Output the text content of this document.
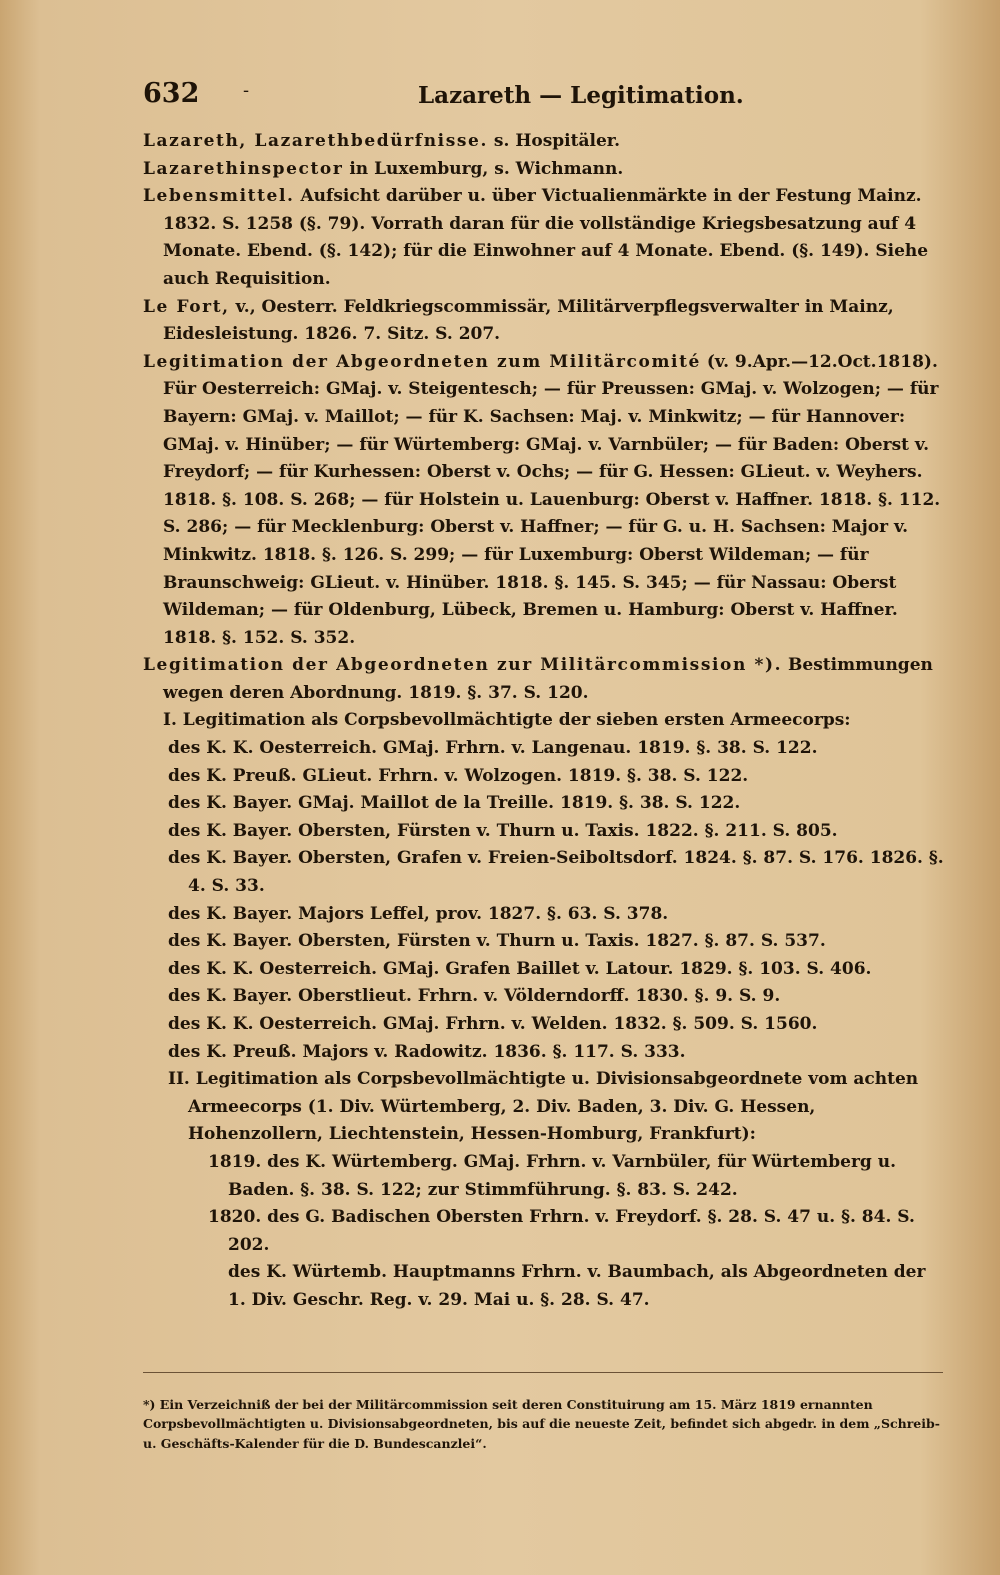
632 -	Lazareth — Legitimation.

Lazareth, Lazarethbedürfnisse. s. Hospitäler.

Lazarethinspector in Luxemburg, s. Wichmann.

Lebensmittel. Aufsicht darüber u. über Victualienmärkte in der Festung Mainz. 1832. S. 1258 (§. 79). Vorrath daran für die vollständige Kriegsbesatzung auf 4 Monate. Ebend. (§. 142); für die Einwohner auf 4 Monate. Ebend. (§. 149). Siehe auch Requisition.

Le Fort, v., Oesterr. Feldkriegscommissär, Militärverpflegsverwalter in Mainz, Eidesleistung. 1826. 7. Sitz. S. 207.

Legitimation der Abgeordneten zum Militärcomité (v. 9.Apr.—12.Oct.1818). Für Oesterreich: GMaj. v. Steigentesch; — für Preussen: GMaj. v. Wolzogen; — für Bayern: GMaj. v. Maillot; — für K. Sachsen: Maj. v. Minkwitz; — für Hannover: GMaj. v. Hinüber; — für Würtemberg: GMaj. v. Varnbüler; — für Baden: Oberst v. Freydorf; — für Kurhessen: Oberst v. Ochs; — für G. Hessen: GLieut. v. Weyhers. 1818. §. 108. S. 268; — für Holstein u. Lauenburg: Oberst v. Haffner. 1818. §. 112. S. 286; — für Mecklenburg: Oberst v. Haffner; — für G. u. H. Sachsen: Major v. Minkwitz. 1818. §. 126. S. 299; — für Luxemburg: Oberst Wildeman; — für Braunschweig: GLieut. v. Hinüber. 1818. §. 145. S. 345; — für Nassau: Oberst Wildeman; — für Oldenburg, Lübeck, Bremen u. Hamburg: Oberst v. Haffner. 1818. §. 152. S. 352.

Legitimation der Abgeordneten zur Militärcommission *). Bestimmungen wegen deren Abordnung. 1819. §. 37. S. 120.

I. Legitimation als Corpsbevollmächtigte der sieben ersten Armeecorps:

des K. K. Oesterreich. GMaj. Frhrn. v. Langenau. 1819. §. 38. S. 122.

des K. Preuß. GLieut. Frhrn. v. Wolzogen. 1819. §. 38. S. 122.

des K. Bayer. GMaj. Maillot de la Treille. 1819. §. 38. S. 122.

des K. Bayer. Obersten, Fürsten v. Thurn u. Taxis. 1822. §. 211. S. 805.

des K. Bayer. Obersten, Grafen v. Freien-Seiboltsdorf. 1824. §. 87. S. 176. 1826. §. 4. S. 33.

des K. Bayer. Majors Leffel, prov. 1827. §. 63. S. 378.

des K. Bayer. Obersten, Fürsten v. Thurn u. Taxis. 1827. §. 87. S. 537.

des K. K. Oesterreich. GMaj. Grafen Baillet v. Latour. 1829. §. 103. S. 406.

des K. Bayer. Oberstlieut. Frhrn. v. Völderndorff. 1830. §. 9. S. 9.

des K. K. Oesterreich. GMaj. Frhrn. v. Welden. 1832. §. 509. S. 1560.

des K. Preuß. Majors v. Radowitz. 1836. §. 117. S. 333.

II. Legitimation als Corpsbevollmächtigte u. Divisionsabgeordnete vom achten Armeecorps (1. Div. Würtemberg, 2. Div. Baden, 3. Div. G. Hessen, Hohenzollern, Liechtenstein, Hessen-Homburg, Frankfurt):

1819. des K. Würtemberg. GMaj. Frhrn. v. Varnbüler, für Würtemberg u. Baden. §. 38. S. 122; zur Stimmführung. §. 83. S. 242.

1820. des G. Badischen Obersten Frhrn. v. Freydorf. §. 28. S. 47 u. §. 84. S. 202.

des K. Würtemb. Hauptmanns Frhrn. v. Baumbach, als Abgeordneten der 1. Div. Geschr. Reg. v. 29. Mai u. §. 28. S. 47.

*) Ein Verzeichniß der bei der Militärcommission seit deren Constituirung am 15. März 1819 ernannten Corpsbevollmächtigten u. Divisionsabgeordneten, bis auf die neueste Zeit, befindet sich abgedr. in dem „Schreib- u. Geschäfts-Kalender für die D. Bundescanzlei“.
